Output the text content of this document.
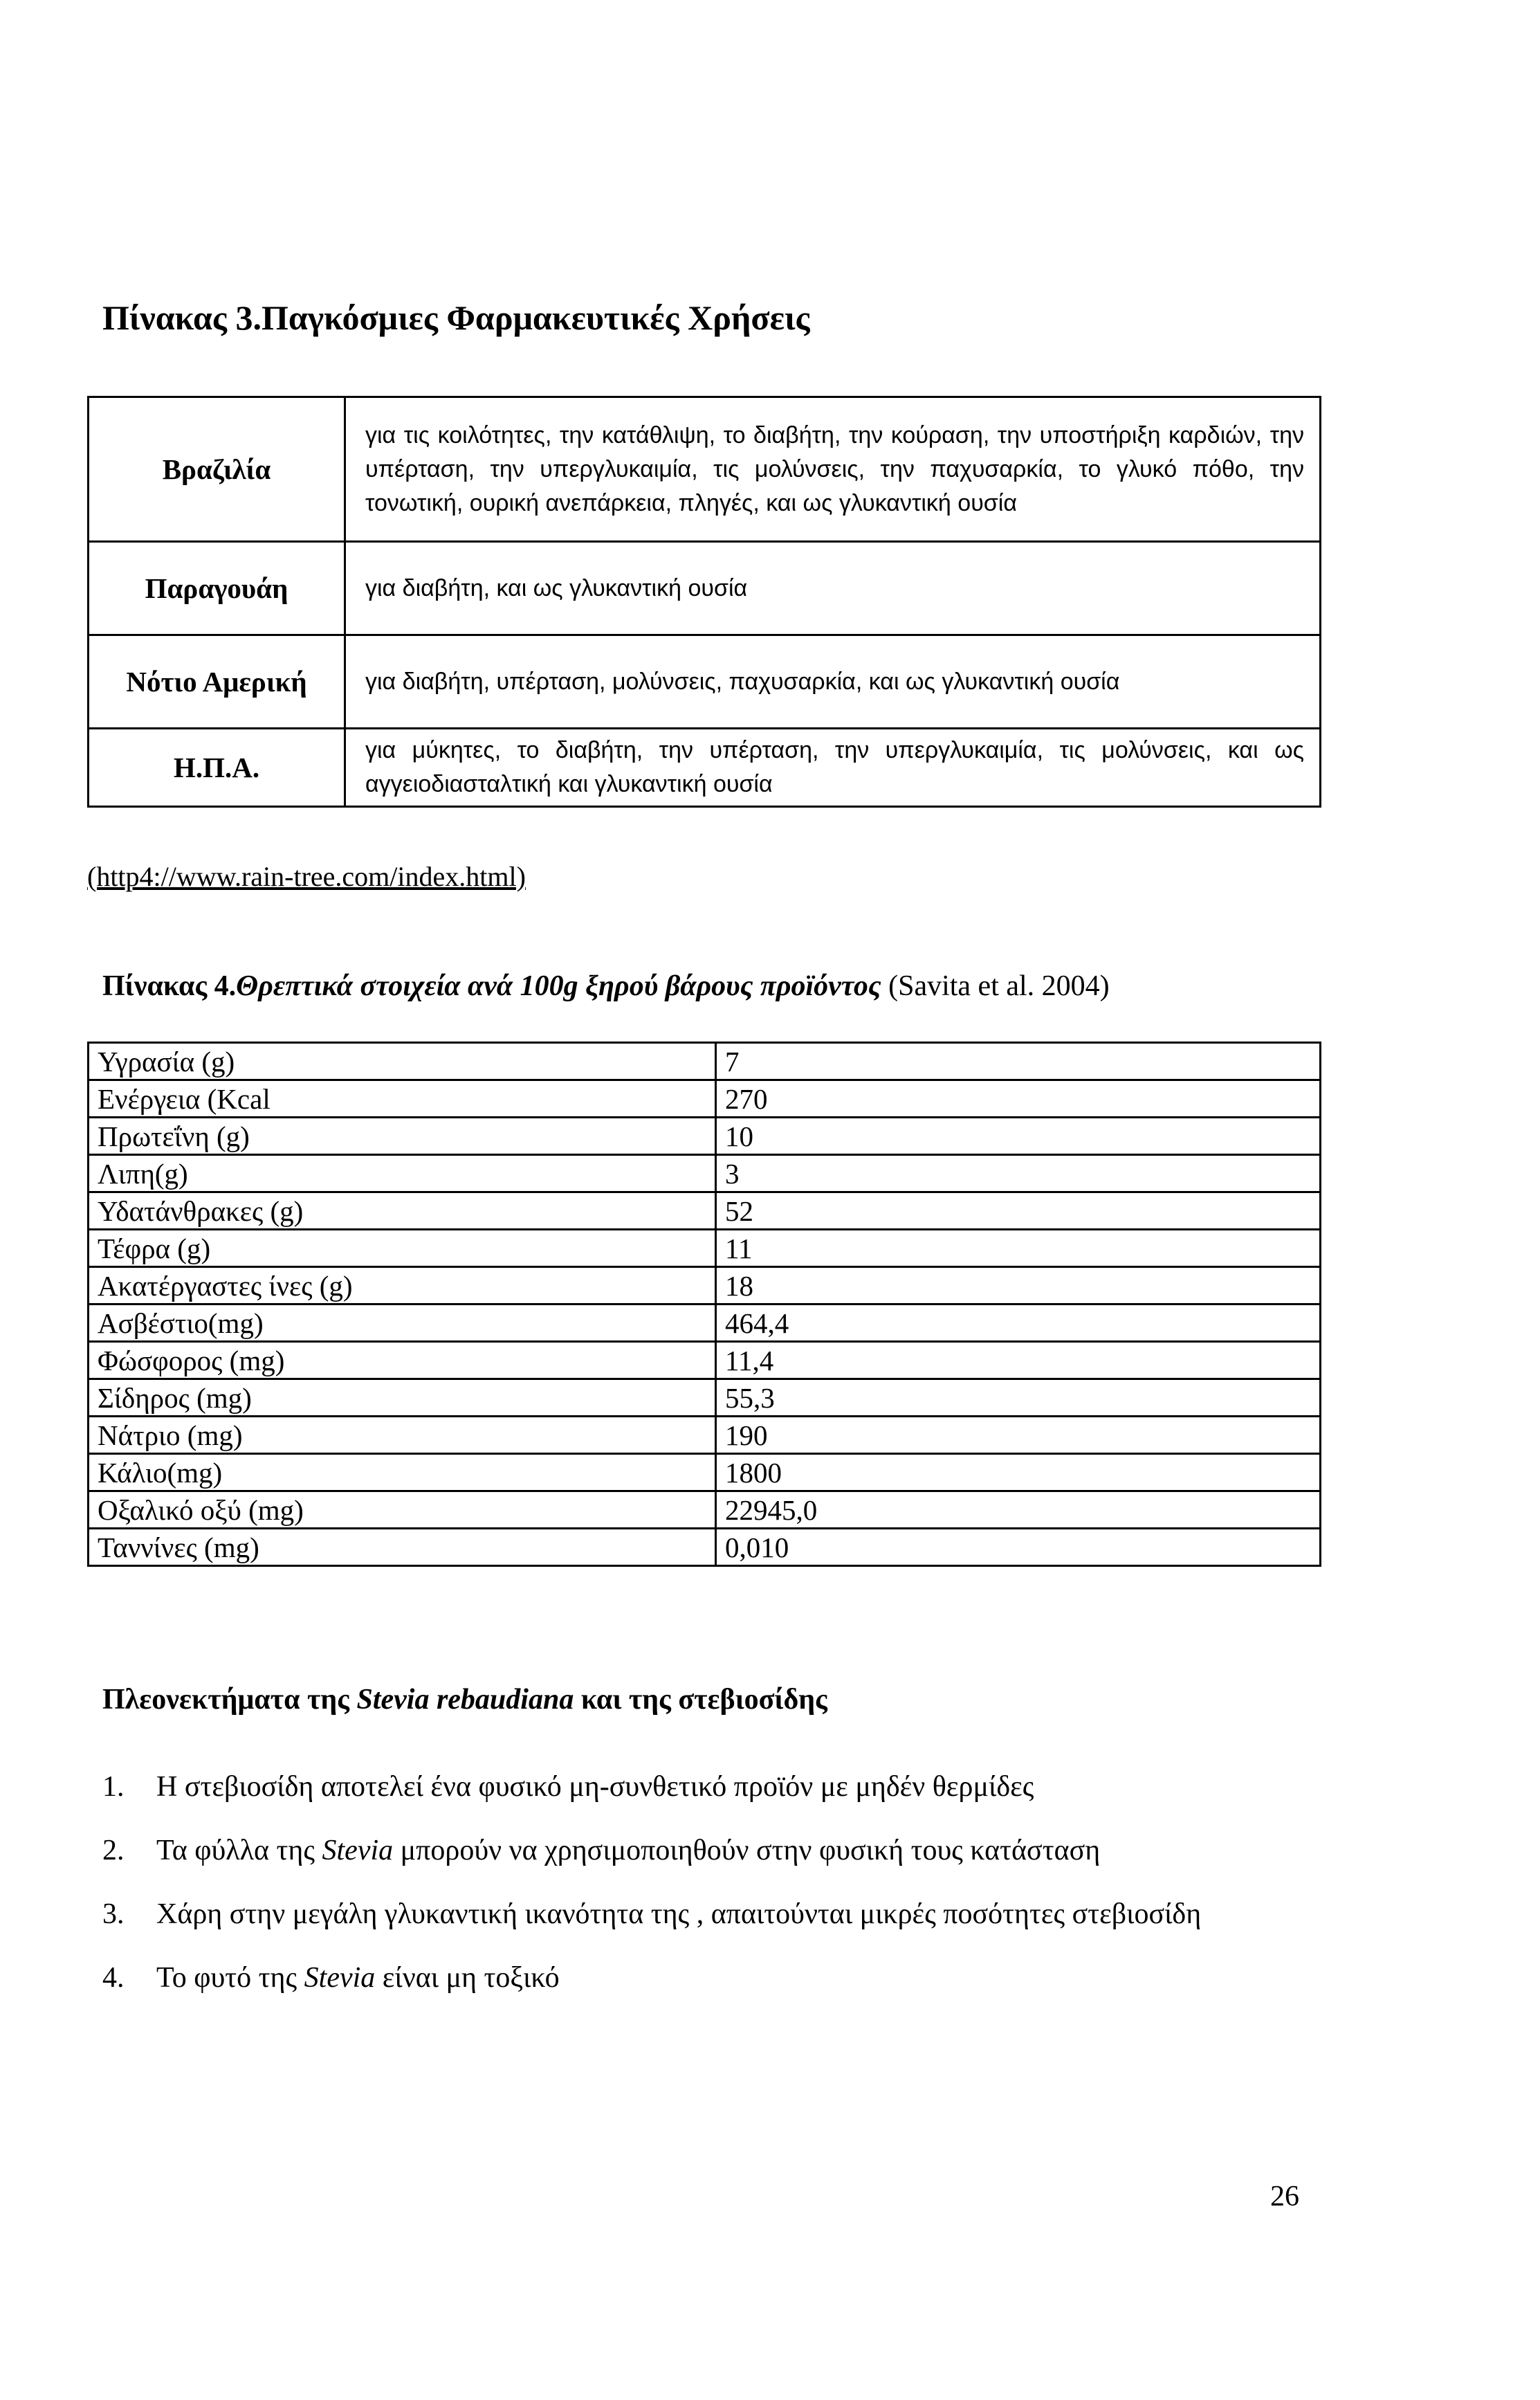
Πίνακας 3.Παγκόσμιες Φαρμακευτικές Χρήσεις
Βραζιλία	για τις κοιλότητες, την κατάθλιψη, το διαβήτη, την κούραση, την υποστήριξη καρδιών, την υπέρταση, την υπεργλυκαιμία, τις μολύνσεις, την παχυσαρκία, το γλυκό πόθο, την τονωτική, ουρική ανεπάρκεια, πληγές, και ως γλυκαντική ουσία
Παραγουάη	για διαβήτη, και ως γλυκαντική ουσία
Νότιο Αμερική	για διαβήτη, υπέρταση, μολύνσεις, παχυσαρκία, και ως γλυκαντική ουσία
Η.Π.Α.	για μύκητες, το διαβήτη, την υπέρταση, την υπεργλυκαιμία, τις μολύνσεις, και ως αγγειοδιασταλτική και γλυκαντική ουσία
(http4://www.rain-tree.com/index.html)
Πίνακας 4.Θρεπτικά στοιχεία ανά 100g ξηρού βάρους προϊόντος (Savita et al. 2004)
Υγρασία (g)	7
Ενέργεια (Kcal	270
Πρωτεΐνη (g)	10
Λιπη(g)	3
Υδατάνθρακες (g)	52
Τέφρα (g)	11
Ακατέργαστες ίνες (g)	18
Ασβέστιο(mg)	464,4
Φώσφορος (mg)	11,4
Σίδηρος (mg)	55,3
Νάτριο (mg)	190
Κάλιο(mg)	1800
Οξαλικό οξύ (mg)	22945,0
Ταννίνες (mg)	0,010
Πλεονεκτήματα της Stevia rebaudiana και της στεβιοσίδης
1. Η στεβιοσίδη αποτελεί ένα φυσικό μη-συνθετικό προϊόν με μηδέν θερμίδες
2. Τα φύλλα της Stevia μπορούν να χρησιμοποιηθούν στην φυσική τους κατάσταση
3. Χάρη στην μεγάλη γλυκαντική ικανότητα της , απαιτούνται μικρές ποσότητες στεβιοσίδη
4. Το φυτό της Stevia είναι μη τοξικό
26
